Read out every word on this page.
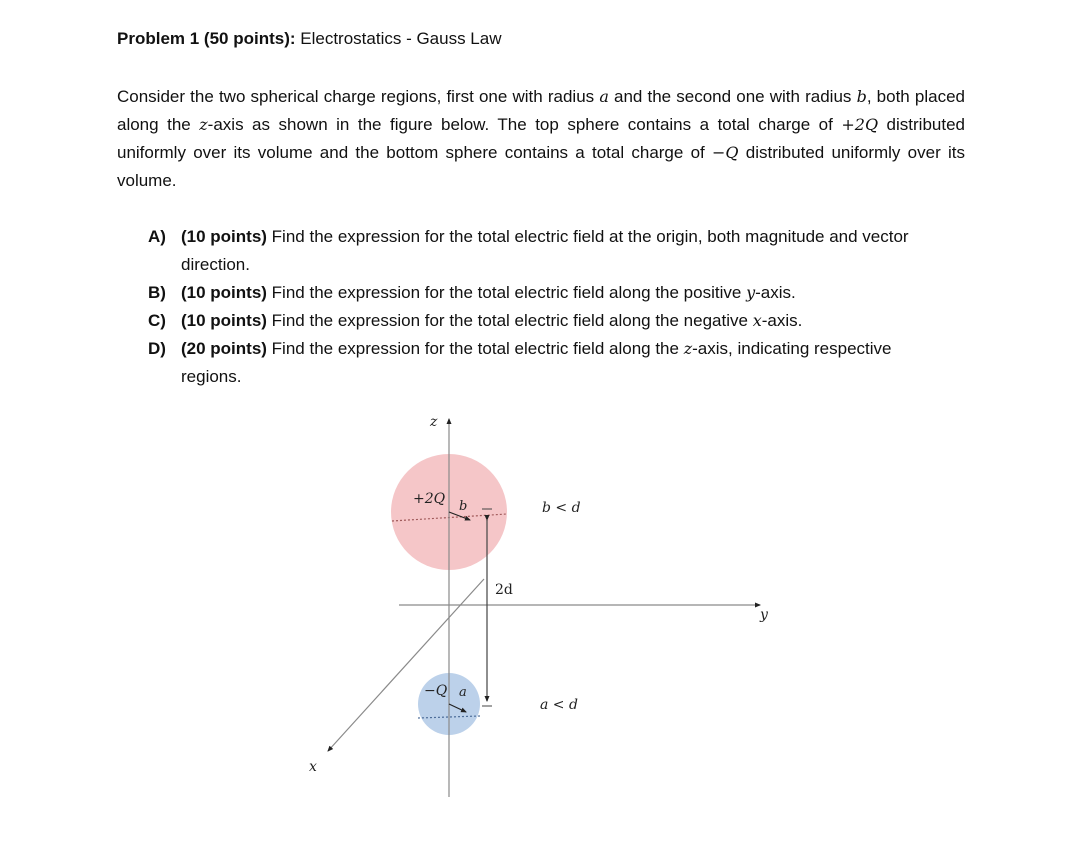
Problem 1 (50 points): Electrostatics - Gauss Law
Consider the two spherical charge regions, first one with radius a and the second one with radius b, both placed along the z-axis as shown in the figure below. The top sphere contains a total charge of +2Q distributed uniformly over its volume and the bottom sphere contains a total charge of −Q distributed uniformly over its volume.
A) (10 points) Find the expression for the total electric field at the origin, both magnitude and vector direction.
B) (10 points) Find the expression for the total electric field along the positive y-axis.
C) (10 points) Find the expression for the total electric field along the negative x-axis.
D) (20 points) Find the expression for the total electric field along the z-axis, indicating respective regions.
z
y
x
+2Q b
−Q a
2d
b < d
a < d
